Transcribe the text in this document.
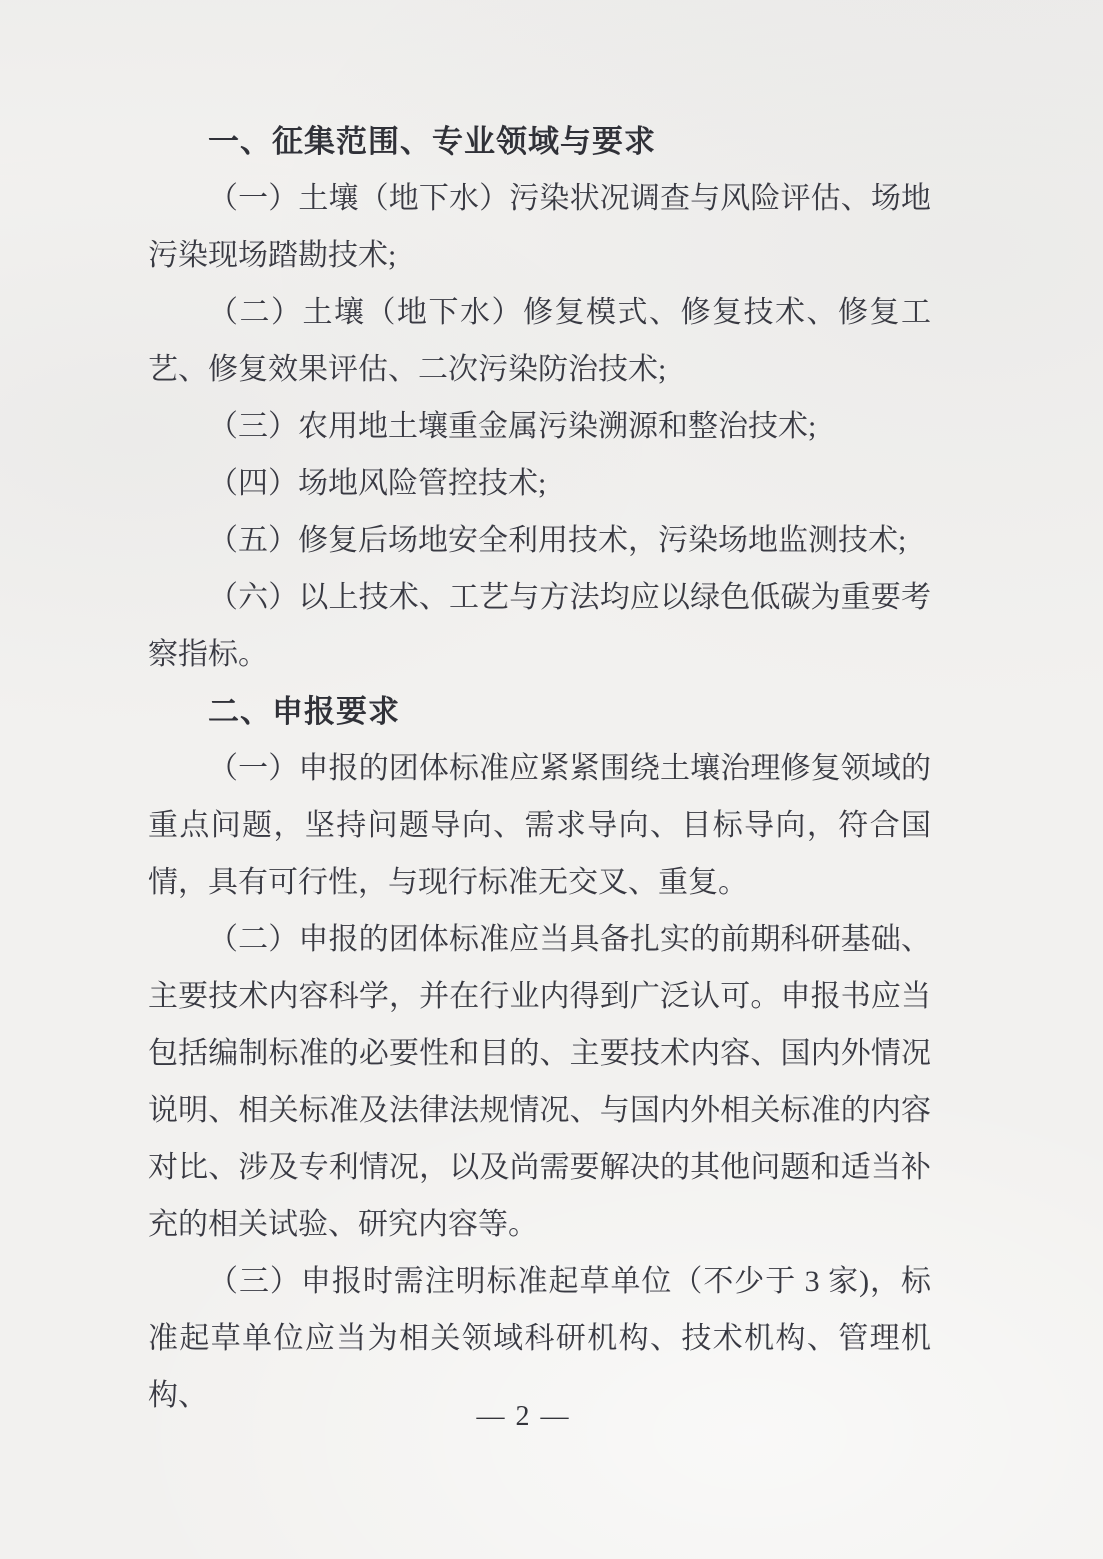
一、征集范围、专业领域与要求

（一）土壤（地下水）污染状况调查与风险评估、场地污染现场踏勘技术;

（二）土壤（地下水）修复模式、修复技术、修复工艺、修复效果评估、二次污染防治技术;

（三）农用地土壤重金属污染溯源和整治技术;

（四）场地风险管控技术;

（五）修复后场地安全利用技术，污染场地监测技术;

（六）以上技术、工艺与方法均应以绿色低碳为重要考察指标。

二、申报要求

（一）申报的团体标准应紧紧围绕土壤治理修复领域的重点问题，坚持问题导向、需求导向、目标导向，符合国情，具有可行性，与现行标准无交叉、重复。

（二）申报的团体标准应当具备扎实的前期科研基础、主要技术内容科学，并在行业内得到广泛认可。申报书应当包括编制标准的必要性和目的、主要技术内容、国内外情况说明、相关标准及法律法规情况、与国内外相关标准的内容对比、涉及专利情况，以及尚需要解决的其他问题和适当补充的相关试验、研究内容等。

（三）申报时需注明标准起草单位（不少于 3 家)，标准起草单位应当为相关领域科研机构、技术机构、管理机构、

— 2 —
